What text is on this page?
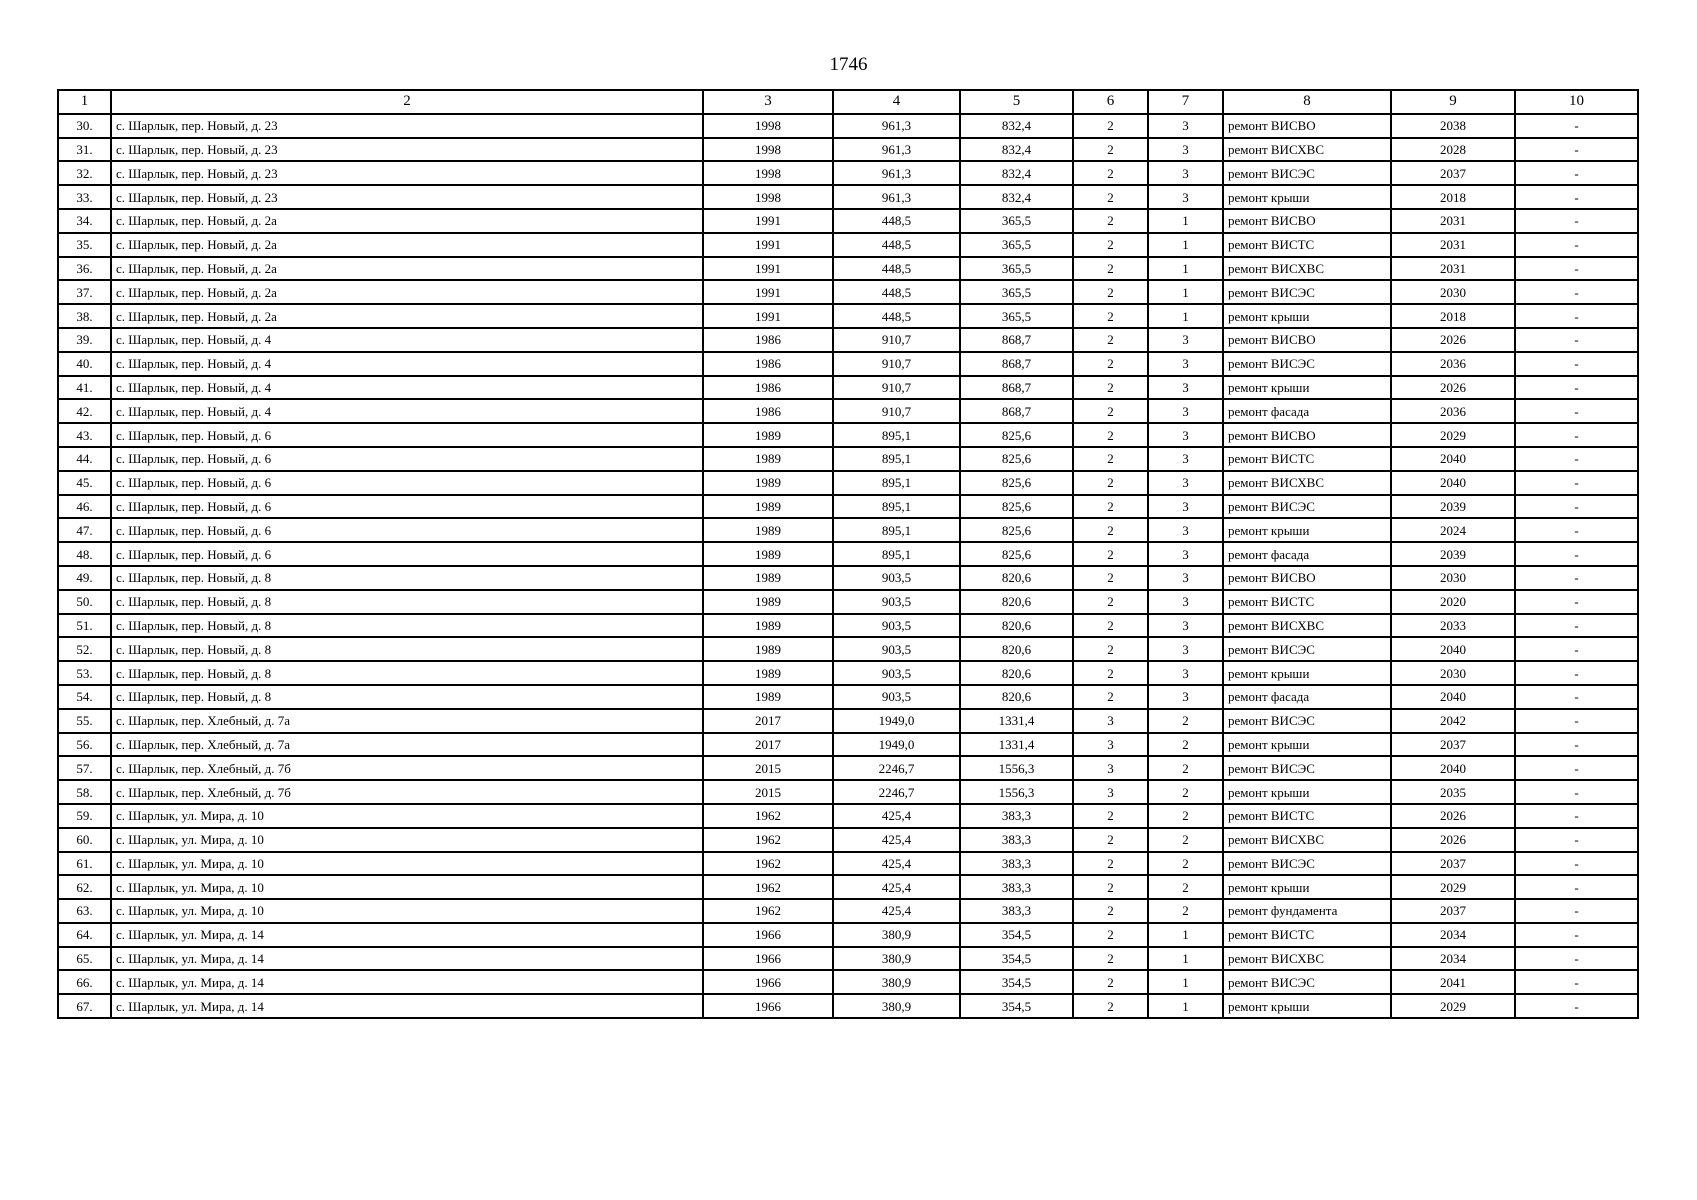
1746
1	2	3	4	5	6	7	8	9	10
30.	с. Шарлык, пер. Новый, д. 23	1998	961,3	832,4	2	3	ремонт ВИСВО	2038	-
31.	с. Шарлык, пер. Новый, д. 23	1998	961,3	832,4	2	3	ремонт ВИСХВС	2028	-
32.	с. Шарлык, пер. Новый, д. 23	1998	961,3	832,4	2	3	ремонт ВИСЭС	2037	-
33.	с. Шарлык, пер. Новый, д. 23	1998	961,3	832,4	2	3	ремонт крыши	2018	-
34.	с. Шарлык, пер. Новый, д. 2а	1991	448,5	365,5	2	1	ремонт ВИСВО	2031	-
35.	с. Шарлык, пер. Новый, д. 2а	1991	448,5	365,5	2	1	ремонт ВИСТС	2031	-
36.	с. Шарлык, пер. Новый, д. 2а	1991	448,5	365,5	2	1	ремонт ВИСХВС	2031	-
37.	с. Шарлык, пер. Новый, д. 2а	1991	448,5	365,5	2	1	ремонт ВИСЭС	2030	-
38.	с. Шарлык, пер. Новый, д. 2а	1991	448,5	365,5	2	1	ремонт крыши	2018	-
39.	с. Шарлык, пер. Новый, д. 4	1986	910,7	868,7	2	3	ремонт ВИСВО	2026	-
40.	с. Шарлык, пер. Новый, д. 4	1986	910,7	868,7	2	3	ремонт ВИСЭС	2036	-
41.	с. Шарлык, пер. Новый, д. 4	1986	910,7	868,7	2	3	ремонт крыши	2026	-
42.	с. Шарлык, пер. Новый, д. 4	1986	910,7	868,7	2	3	ремонт фасада	2036	-
43.	с. Шарлык, пер. Новый, д. 6	1989	895,1	825,6	2	3	ремонт ВИСВО	2029	-
44.	с. Шарлык, пер. Новый, д. 6	1989	895,1	825,6	2	3	ремонт ВИСТС	2040	-
45.	с. Шарлык, пер. Новый, д. 6	1989	895,1	825,6	2	3	ремонт ВИСХВС	2040	-
46.	с. Шарлык, пер. Новый, д. 6	1989	895,1	825,6	2	3	ремонт ВИСЭС	2039	-
47.	с. Шарлык, пер. Новый, д. 6	1989	895,1	825,6	2	3	ремонт крыши	2024	-
48.	с. Шарлык, пер. Новый, д. 6	1989	895,1	825,6	2	3	ремонт фасада	2039	-
49.	с. Шарлык, пер. Новый, д. 8	1989	903,5	820,6	2	3	ремонт ВИСВО	2030	-
50.	с. Шарлык, пер. Новый, д. 8	1989	903,5	820,6	2	3	ремонт ВИСТС	2020	-
51.	с. Шарлык, пер. Новый, д. 8	1989	903,5	820,6	2	3	ремонт ВИСХВС	2033	-
52.	с. Шарлык, пер. Новый, д. 8	1989	903,5	820,6	2	3	ремонт ВИСЭС	2040	-
53.	с. Шарлык, пер. Новый, д. 8	1989	903,5	820,6	2	3	ремонт крыши	2030	-
54.	с. Шарлык, пер. Новый, д. 8	1989	903,5	820,6	2	3	ремонт фасада	2040	-
55.	с. Шарлык, пер. Хлебный, д. 7а	2017	1949,0	1331,4	3	2	ремонт ВИСЭС	2042	-
56.	с. Шарлык, пер. Хлебный, д. 7а	2017	1949,0	1331,4	3	2	ремонт крыши	2037	-
57.	с. Шарлык, пер. Хлебный, д. 7б	2015	2246,7	1556,3	3	2	ремонт ВИСЭС	2040	-
58.	с. Шарлык, пер. Хлебный, д. 7б	2015	2246,7	1556,3	3	2	ремонт крыши	2035	-
59.	с. Шарлык, ул. Мира, д. 10	1962	425,4	383,3	2	2	ремонт ВИСТС	2026	-
60.	с. Шарлык, ул. Мира, д. 10	1962	425,4	383,3	2	2	ремонт ВИСХВС	2026	-
61.	с. Шарлык, ул. Мира, д. 10	1962	425,4	383,3	2	2	ремонт ВИСЭС	2037	-
62.	с. Шарлык, ул. Мира, д. 10	1962	425,4	383,3	2	2	ремонт крыши	2029	-
63.	с. Шарлык, ул. Мира, д. 10	1962	425,4	383,3	2	2	ремонт фундамента	2037	-
64.	с. Шарлык, ул. Мира, д. 14	1966	380,9	354,5	2	1	ремонт ВИСТС	2034	-
65.	с. Шарлык, ул. Мира, д. 14	1966	380,9	354,5	2	1	ремонт ВИСХВС	2034	-
66.	с. Шарлык, ул. Мира, д. 14	1966	380,9	354,5	2	1	ремонт ВИСЭС	2041	-
67.	с. Шарлык, ул. Мира, д. 14	1966	380,9	354,5	2	1	ремонт крыши	2029	-
